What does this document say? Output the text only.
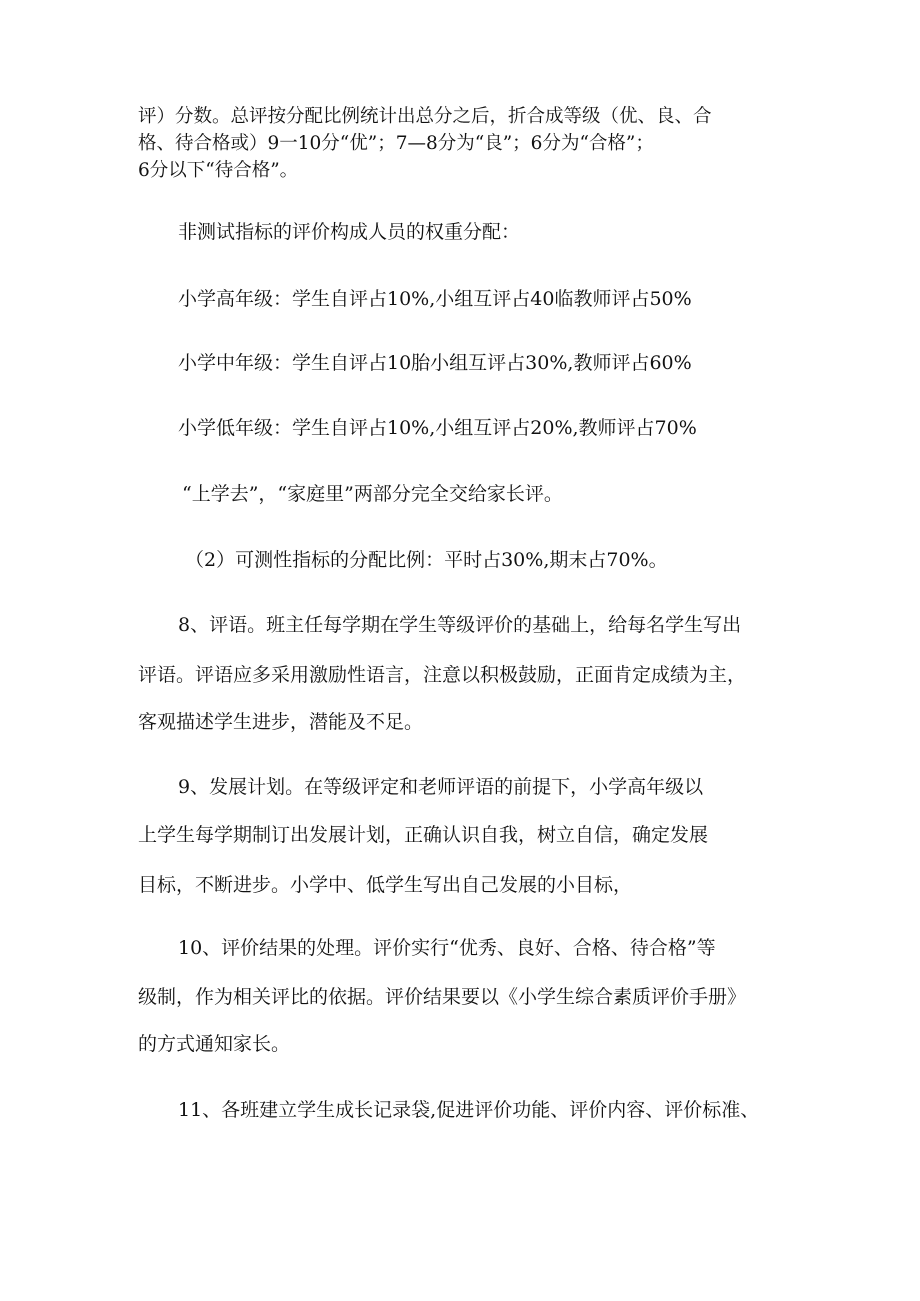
评）分数。总评按分配比例统计出总分之后，折合成等级（优、良、合
格、待合格或）9一10分“优”；7—8分为“良”；6分为“合格”；
6分以下“待合格”。
非测试指标的评价构成人员的权重分配：
小学高年级：学生自评占10%,小组互评占40临教师评占50%
小学中年级：学生自评占10胎小组互评占30%,教师评占60%
小学低年级：学生自评占10%,小组互评占20%,教师评占70%
“上学去”，“家庭里”两部分完全交给家长评。
（2）可测性指标的分配比例：平时占30%,期末占70%。
8、评语。班主任每学期在学生等级评价的基础上，给每名学生写出
评语。评语应多采用激励性语言，注意以积极鼓励，正面肯定成绩为主，
客观描述学生进步，潜能及不足。
9、发展计划。在等级评定和老师评语的前提下，小学高年级以
上学生每学期制订出发展计划，正确认识自我，树立自信，确定发展
目标，不断进步。小学中、低学生写出自己发展的小目标，
10、评价结果的处理。评价实行“优秀、良好、合格、待合格”等
级制，作为相关评比的依据。评价结果要以《小学生综合素质评价手册》
的方式通知家长。
11、各班建立学生成长记录袋,促进评价功能、评价内容、评价标准、
